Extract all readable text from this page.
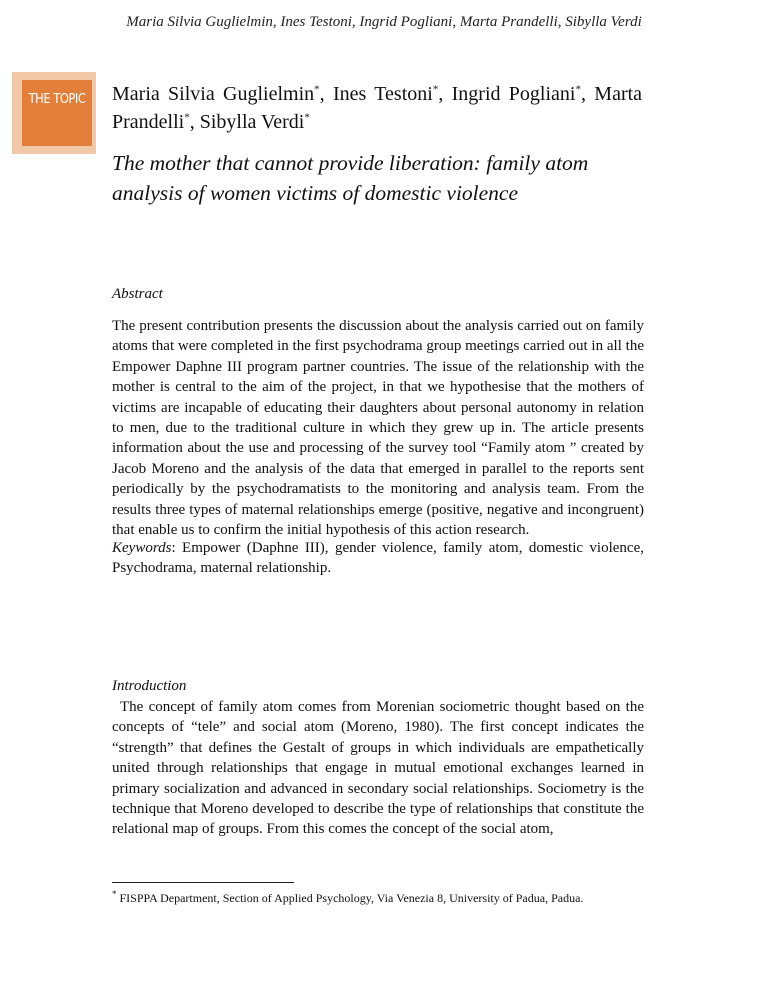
Maria Silvia Guglielmin, Ines Testoni, Ingrid Pogliani, Marta Prandelli, Sibylla Verdi
THE TOPIC Maria Silvia Guglielmin*, Ines Testoni*, Ingrid Pogliani*, Marta Prandelli*, Sibylla Verdi*
The mother that cannot provide liberation: family atom analysis of women victims of domestic violence
Abstract
The present contribution presents the discussion about the analysis carried out on family atoms that were completed in the first psychodrama group meetings carried out in all the Empower Daphne III program partner countries. The issue of the relationship with the mother is central to the aim of the project, in that we hypothesise that the mothers of victims are incapable of educating their daughters about personal autonomy in relation to men, due to the traditional culture in which they grew up in. The article presents information about the use and processing of the survey tool “Family atom ” created by Jacob Moreno and the analysis of the data that emerged in parallel to the reports sent periodically by the psychodramatists to the monitoring and analysis team. From the results three types of maternal relationships emerge (positive, negative and incongruent) that enable us to confirm the initial hypothesis of this action research.
Keywords: Empower (Daphne III), gender violence, family atom, domestic violence, Psychodrama, maternal relationship.
Introduction
The concept of family atom comes from Morenian sociometric thought based on the concepts of “tele” and social atom (Moreno, 1980). The first concept indicates the “strength” that defines the Gestalt of groups in which individuals are empathetically united through relationships that engage in mutual emotional exchanges learned in primary socialization and advanced in secondary social relationships. Sociometry is the technique that Moreno developed to describe the type of relationships that constitute the relational map of groups. From this comes the concept of the social atom,
* FISPPA Department, Section of Applied Psychology, Via Venezia 8, University of Padua, Padua.
